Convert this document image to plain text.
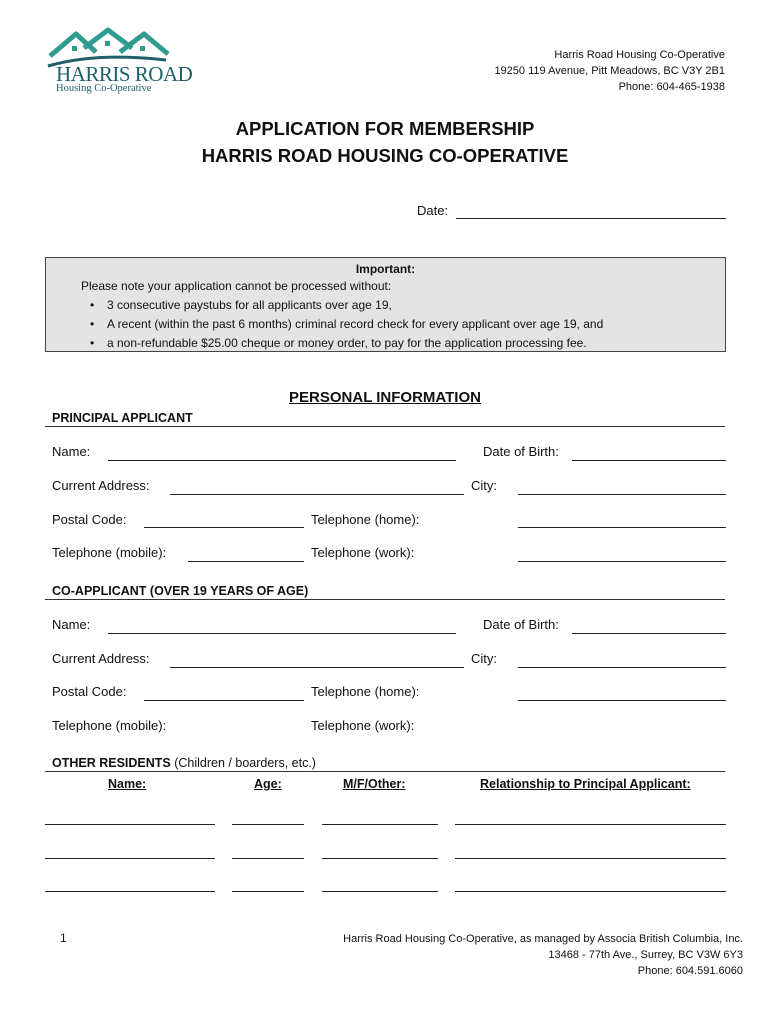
HARRIS ROAD
Housing Co-Operative
Harris Road Housing Co-Operative
19250 119 Avenue, Pitt Meadows, BC V3Y 2B1
Phone: 604-465-1938
APPLICATION FOR MEMBERSHIP
HARRIS ROAD HOUSING CO-OPERATIVE
Date:
Important:
Please note your application cannot be processed without:
• 3 consecutive paystubs for all applicants over age 19,
• A recent (within the past 6 months) criminal record check for every applicant over age 19, and
• a non-refundable $25.00 cheque or money order, to pay for the application processing fee.
PERSONAL INFORMATION
PRINCIPAL APPLICANT
Name:	Date of Birth:
Current Address:	City:
Postal Code:	Telephone (home):
Telephone (mobile):	Telephone (work):
CO-APPLICANT (OVER 19 YEARS OF AGE)
Name:	Date of Birth:
Current Address:	City:
Postal Code:	Telephone (home):
Telephone (mobile):	Telephone (work):
OTHER RESIDENTS (Children / boarders, etc.)
Name:	Age:	M/F/Other:	Relationship to Principal Applicant:
1	Harris Road Housing Co-Operative, as managed by Associa British Columbia, Inc.
13468 - 77th Ave., Surrey, BC V3W 6Y3
Phone: 604.591.6060
